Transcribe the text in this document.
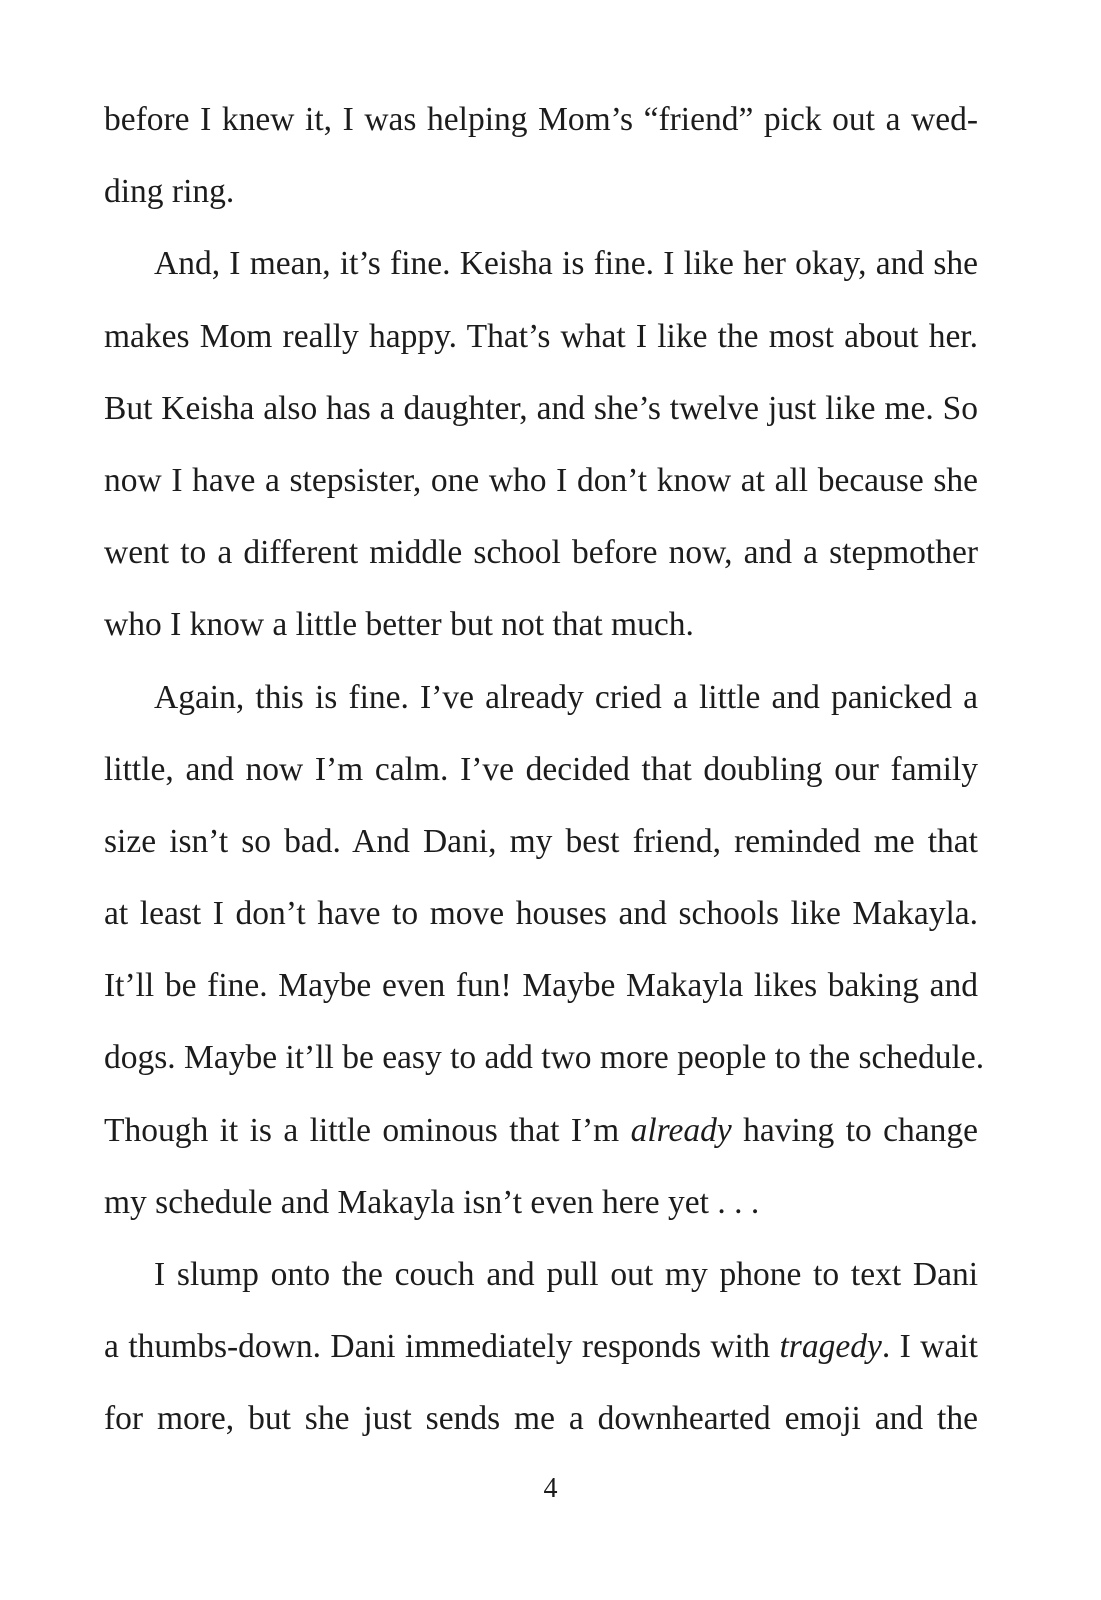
before I knew it, I was helping Mom’s “friend” pick out a wed-
ding ring.
And, I mean, it’s fine. Keisha is fine. I like her okay, and she
makes Mom really happy. That’s what I like the most about her.
But Keisha also has a daughter, and she’s twelve just like me. So
now I have a stepsister, one who I don’t know at all because she
went to a different middle school before now, and a stepmother
who I know a little better but not that much.
Again, this is fine. I’ve already cried a little and panicked a
little, and now I’m calm. I’ve decided that doubling our family
size isn’t so bad. And Dani, my best friend, reminded me that
at least I don’t have to move houses and schools like Makayla.
It’ll be fine. Maybe even fun! Maybe Makayla likes baking and
dogs. Maybe it’ll be easy to add two more people to the schedule.
Though it is a little ominous that I’m already having to change
my schedule and Makayla isn’t even here yet . . .
I slump onto the couch and pull out my phone to text Dani
a thumbs-down. Dani immediately responds with tragedy. I wait
for more, but she just sends me a downhearted emoji and the
4
